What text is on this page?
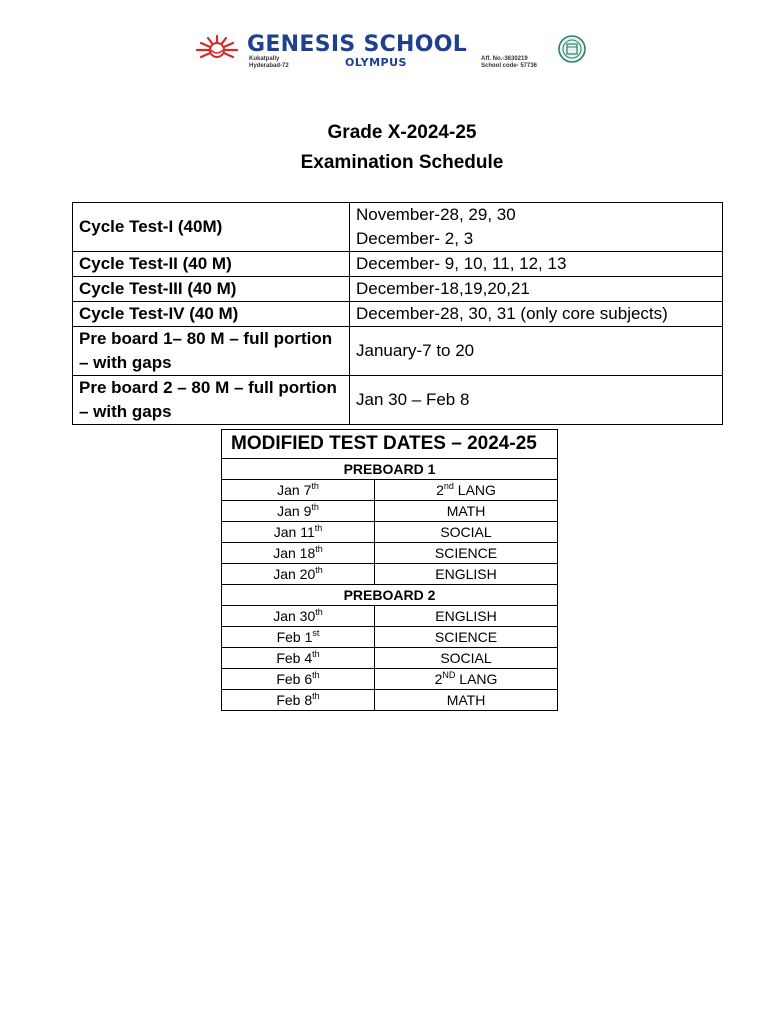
GENESIS SCHOOL
Kukatpally
Hyderabad-72	OLYMPUS	Aff. No.-3630219
School code- 57736
Grade X-2024-25
Examination Schedule
Cycle Test-I (40M)	November-28, 29, 30
December- 2, 3

Cycle Test-II (40 M)	December- 9, 10, 11, 12, 13

Cycle Test-III (40 M)	December-18,19,20,21

Cycle Test-IV (40 M)	December-28, 30, 31 (only core subjects)

Pre board 1– 80 M – full portion – with gaps	January-7 to 20

Pre board 2 – 80 M – full portion – with gaps	Jan 30 – Feb 8
MODIFIED TEST DATES – 2024-25	
PREBOARD 1	
Jan 7th	2nd LANG
Jan 9th	MATH
Jan 11th	SOCIAL
Jan 18th	SCIENCE
Jan 20th	ENGLISH
PREBOARD 2	
Jan 30th	ENGLISH
Feb 1st	SCIENCE
Feb 4th	SOCIAL
Feb 6th	2ND LANG
Feb 8th	MATH
